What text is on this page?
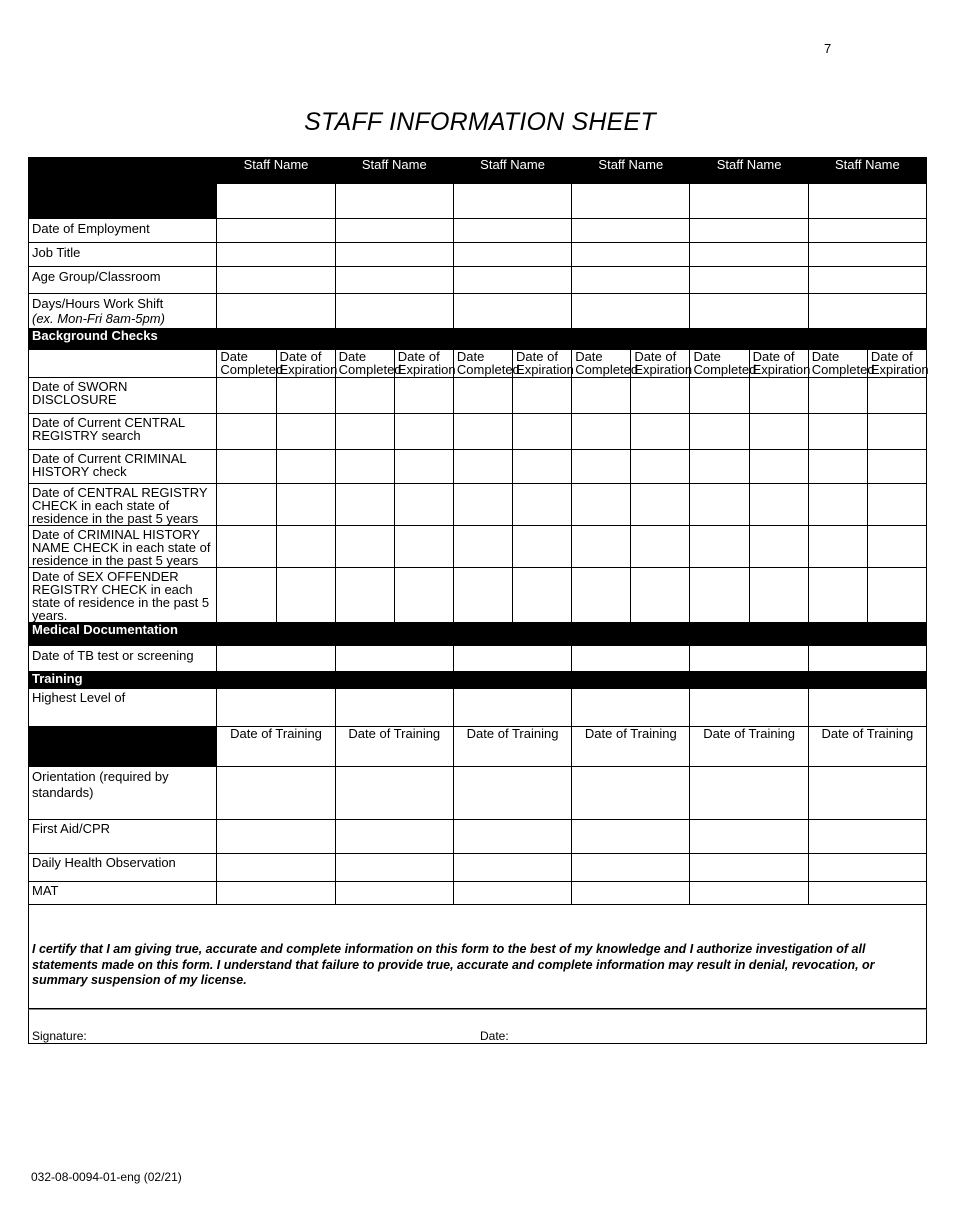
7
STAFF INFORMATION SHEET
	Staff Name		Staff Name		Staff Name		Staff Name		Staff Name		Staff Name	

Date of Employment												

Job Title												

Age Group/Classroom												

Days/Hours Work Shift
(ex. Mon-Fri 8am-5pm)												

Background Checks												
	Date Completed	Date of Expiration	Date Completed	Date of Expiration	Date Completed	Date of Expiration	Date Completed	Date of Expiration	Date Completed	Date of Expiration	Date Completed	Date of Expiration
Date of SWORN DISCLOSURE												
Date of Current CENTRAL REGISTRY search												
Date of Current CRIMINAL HISTORY check												
Date of CENTRAL REGISTRY CHECK in each state of residence in the past 5 years												
Date of CRIMINAL HISTORY NAME CHECK in each state of residence in the past 5 years												
Date of SEX OFFENDER REGISTRY CHECK in each state of residence in the past 5 years.												
Medical Documentation												
Date of TB test or screening												
Training												
Highest Level of												
	Date of Training		Date of Training		Date of Training		Date of Training		Date of Training		Date of Training	
Orientation (required by standards)												
First Aid/CPR												
Daily Health Observation												
MAT												

I certify that I am giving true, accurate and complete information on this form to the best of my knowledge and I authorize investigation of all statements made on this form. I understand that failure to provide true, accurate and complete information may result in denial, revocation, or summary suspension of my license.

Signature:	Date:
032-08-0094-01-eng (02/21)
